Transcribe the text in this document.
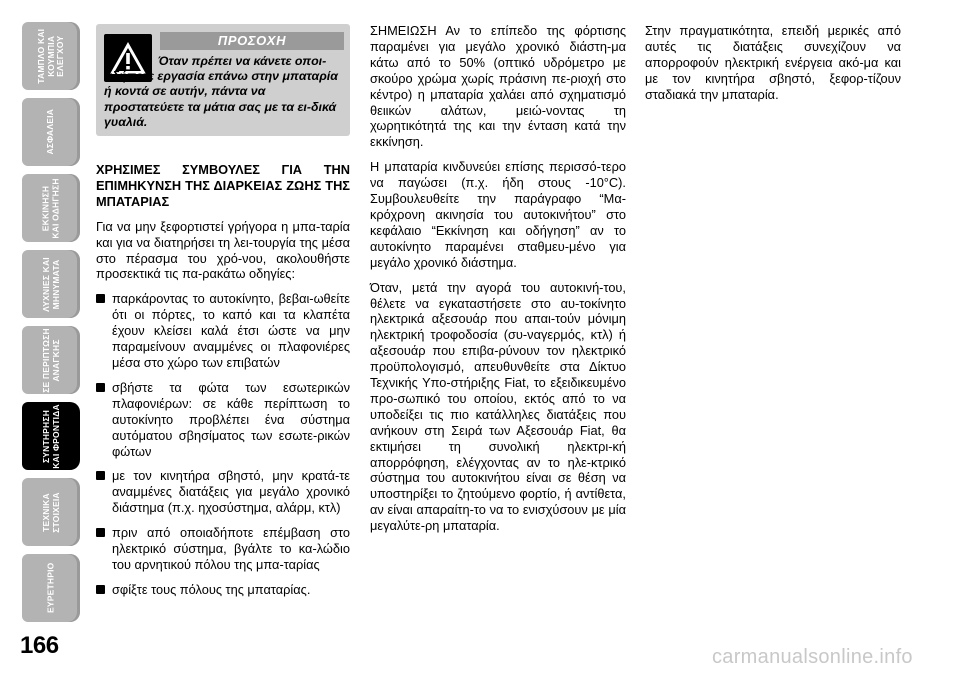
ΤΑΜΠΛΟ ΚΑΙ
ΚΟΥΜΠΙΑ
ΕΛΕΓΧΟΥ
ΑΣΦΑΛΕΙΑ
ΕΚΚΙΝΗΣΗ
ΚΑΙ ΟΔΗΓΗΣΗ
ΛΥΧΝΙΕΣ ΚΑΙ
ΜΗΝΥΜΑΤΑ
ΣΕ ΠΕΡΙΠΤΩΣΗ
ΑΝΑΓΚΗΣ
ΣΥΝΤΗΡΗΣΗ
ΚΑΙ ΦΡΟΝΤΙΔΑ
ΤΕΧΝΙΚΑ
ΣΤΟΙΧΕΙΑ
ΕΥΡΕΤΗΡΙΟ
166
ΠΡΟΣΟΧΗ
Όταν πρέπει να κάνετε οποι-αδήποτε εργασία επάνω στην μπαταρία ή κοντά σε αυτήν, πάντα να προστατεύετε τα μάτια σας με τα ει-δικά γυαλιά.
ΧΡΗΣΙΜΕΣ ΣΥΜΒΟΥΛΕΣ ΓΙΑ ΤΗΝ ΕΠΙΜΗΚΥΝΣΗ ΤΗΣ ΔΙΑΡΚΕΙΑΣ ΖΩΗΣ ΤΗΣ ΜΠΑΤΑΡΙΑΣ

Για να μην ξεφορτιστεί γρήγορα η μπα-ταρία και για να διατηρήσει τη λει-τουργία της μέσα στο πέρασμα του χρό-νου, ακολουθήστε προσεκτικά τις πα-ρακάτω οδηγίες:

παρκάροντας το αυτοκίνητο, βεβαι-ωθείτε ότι οι πόρτες, το καπό και τα κλαπέτα έχουν κλείσει καλά έτσι ώστε να μην παραμείνουν αναμμένες οι πλαφονιέρες μέσα στο χώρο των επιβατών
σβήστε τα φώτα των εσωτερικών πλαφονιέρων: σε κάθε περίπτωση το αυτοκίνητο προβλέπει ένα σύστημα αυτόματου σβησίματος των εσωτε-ρικών φώτων
με τον κινητήρα σβηστό, μην κρατά-τε αναμμένες διατάξεις για μεγάλο χρονικό διάστημα (π.χ. ηχοσύστημα, αλάρμ, κτλ)
πριν από οποιαδήποτε επέμβαση στο ηλεκτρικό σύστημα, βγάλτε το κα-λώδιο του αρνητικού πόλου της μπα-ταρίας
σφίξτε τους πόλους της μπαταρίας.

ΣΗΜΕΙΩΣΗ Αν το επίπεδο της φόρτισης παραμένει για μεγάλο χρονικό διάστη-μα κάτω από το 50% (οπτικό υδρόμετρο με σκούρο χρώμα χωρίς πράσινη πε-ριοχή στο κέντρο) η μπαταρία χαλάει από σχηματισμό θειικών αλάτων, μειώ-νοντας τη χωρητικότητά της και την ένταση κατά την εκκίνηση.

Η μπαταρία κινδυνεύει επίσης περισσό-τερο να παγώσει (π.χ. ήδη στους -10°C). Συμβουλευθείτε την παράγραφο “Μα-κρόχρονη ακινησία του αυτοκινήτου” στο κεφάλαιο “Εκκίνηση και οδήγηση” αν το αυτοκίνητο παραμένει σταθμευ-μένο για μεγάλο χρονικό διάστημα.

Όταν, μετά την αγορά του αυτοκινή-του, θέλετε να εγκαταστήσετε στο αυ-τοκίνητο ηλεκτρικά αξεσουάρ που απαι-τούν μόνιμη ηλεκτρική τροφοδοσία (συ-ναγερμός, κτλ) ή αξεσουάρ που επιβα-ρύνουν τον ηλεκτρικό προϋπολογισμό, απευθυνθείτε στα Δίκτυο Τεχνικής Υπο-στήριξης Fiat, το εξειδικευμένο προ-σωπικό του οποίου, εκτός από το να υποδείξει τις πιο κατάλληλες διατάξεις που ανήκουν στη Σειρά των Αξεσουάρ Fiat, θα εκτιμήσει τη συνολική ηλεκτρι-κή απορρόφηση, ελέγχοντας αν το ηλε-κτρικό σύστημα του αυτοκινήτου είναι σε θέση να υποστηρίξει το ζητούμενο φορτίο, ή αντίθετα, αν είναι απαραίτη-το να το ενισχύσουν με μία μεγαλύτε-ρη μπαταρία.

Στην πραγματικότητα, επειδή μερικές από αυτές τις διατάξεις συνεχίζουν να απορροφούν ηλεκτρική ενέργεια ακό-μα και με τον κινητήρα σβηστό, ξεφορ-τίζουν σταδιακά την μπαταρία.

carmanualsonline.info
